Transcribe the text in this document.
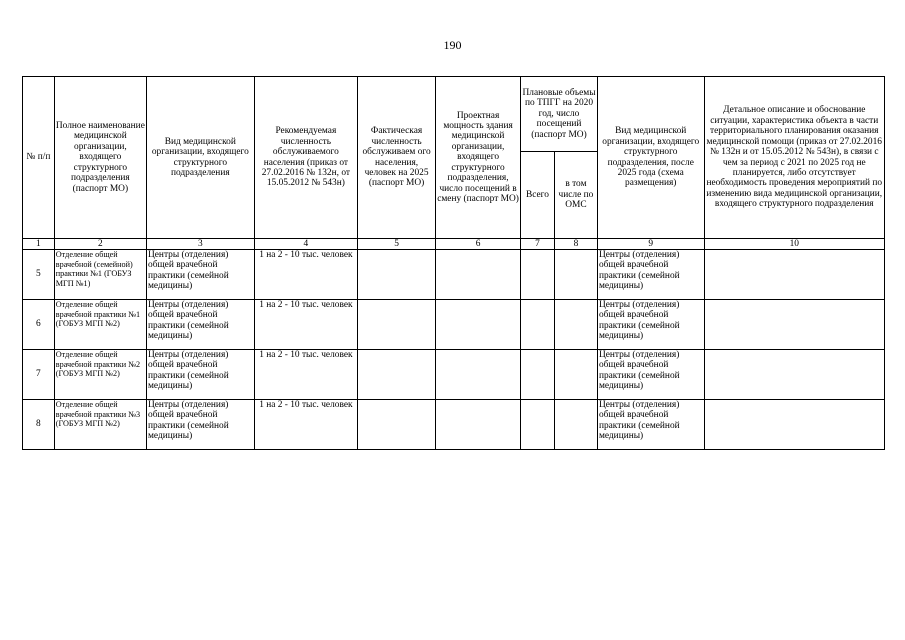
190
№ п/п	Полное наименование медицинской организации, входящего структурного подразделения (паспорт МО)	Вид медицинской организации, входящего структурного подразделения	Рекомендуемая численность обслуживаемого населения (приказ от 27.02.2016 № 132н, от 15.05.2012 № 543н)	Фактическая численность обслуживаем ого населения, человек на 2025 (паспорт МО)	Проектная мощность здания медицинской организации, входящего структурного подразделения, число посещений в смену (паспорт МО)	Плановые объемы по ТПГГ на 2020 год, число посещений (паспорт МО)		Вид медицинской организации, входящего структурного подразделения, после 2025 года (схема размещения)	Детальное описание и обоснование ситуации, характеристика объекта в части территориального планирования оказания медицинской помощи (приказ от 27.02.2016 № 132н и от 15.05.2012 № 543н), в связи с чем за период с 2021 по 2025 год не планируется, либо отсутствует необходимость проведения мероприятий по изменению вида медицинской организации, входящего структурного подразделения
						Всего	в том числе по ОМС		
1	2	3	4	5	6	7	8	9	10
5	Отделение общей врачебной (семейной) практики №1 (ГОБУЗ МГП №1)	Центры (отделения) общей врачебной практики (семейной медицины)	1 на 2 - 10 тыс. человек					Центры (отделения) общей врачебной практики (семейной медицины)	
6	Отделение общей врачебной практики №1 (ГОБУЗ МГП №2)	Центры (отделения) общей врачебной практики (семейной медицины)	1 на 2 - 10 тыс. человек					Центры (отделения) общей врачебной практики (семейной медицины)	
7	Отделение общей врачебной практики №2 (ГОБУЗ МГП №2)	Центры (отделения) общей врачебной практики (семейной медицины)	1 на 2 - 10 тыс. человек					Центры (отделения) общей врачебной практики (семейной медицины)	
8	Отделение общей врачебной практики №3 (ГОБУЗ МГП №2)	Центры (отделения) общей врачебной практики (семейной медицины)	1 на 2 - 10 тыс. человек					Центры (отделения) общей врачебной практики (семейной медицины)	
